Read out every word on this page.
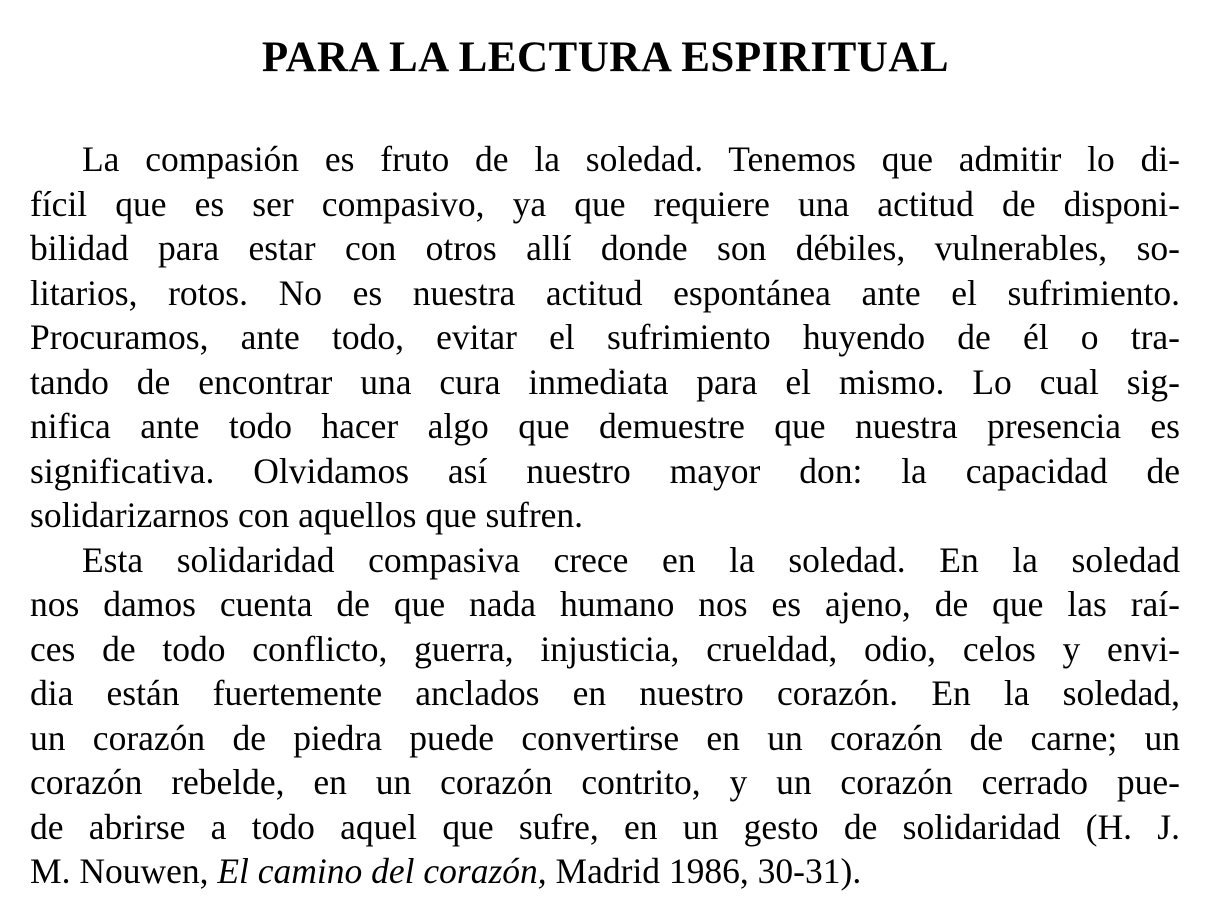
PARA LA LECTURA ESPIRITUAL
La compasión es fruto de la soledad. Tenemos que admitir lo di-
fícil que es ser compasivo, ya que requiere una actitud de disponi-
bilidad para estar con otros allí donde son débiles, vulnerables, so-
litarios, rotos. No es nuestra actitud espontánea ante el sufrimiento.
Procuramos, ante todo, evitar el sufrimiento huyendo de él o tra-
tando de encontrar una cura inmediata para el mismo. Lo cual sig-
nifica ante todo hacer algo que demuestre que nuestra presencia es
significativa. Olvidamos así nuestro mayor don: la capacidad de
solidarizarnos con aquellos que sufren.
Esta solidaridad compasiva crece en la soledad. En la soledad
nos damos cuenta de que nada humano nos es ajeno, de que las raí-
ces de todo conflicto, guerra, injusticia, crueldad, odio, celos y envi-
dia están fuertemente anclados en nuestro corazón. En la soledad,
un corazón de piedra puede convertirse en un corazón de carne; un
corazón rebelde, en un corazón contrito, y un corazón cerrado pue-
de abrirse a todo aquel que sufre, en un gesto de solidaridad (H. J.
M. Nouwen, El camino del corazón, Madrid 1986, 30-31).
